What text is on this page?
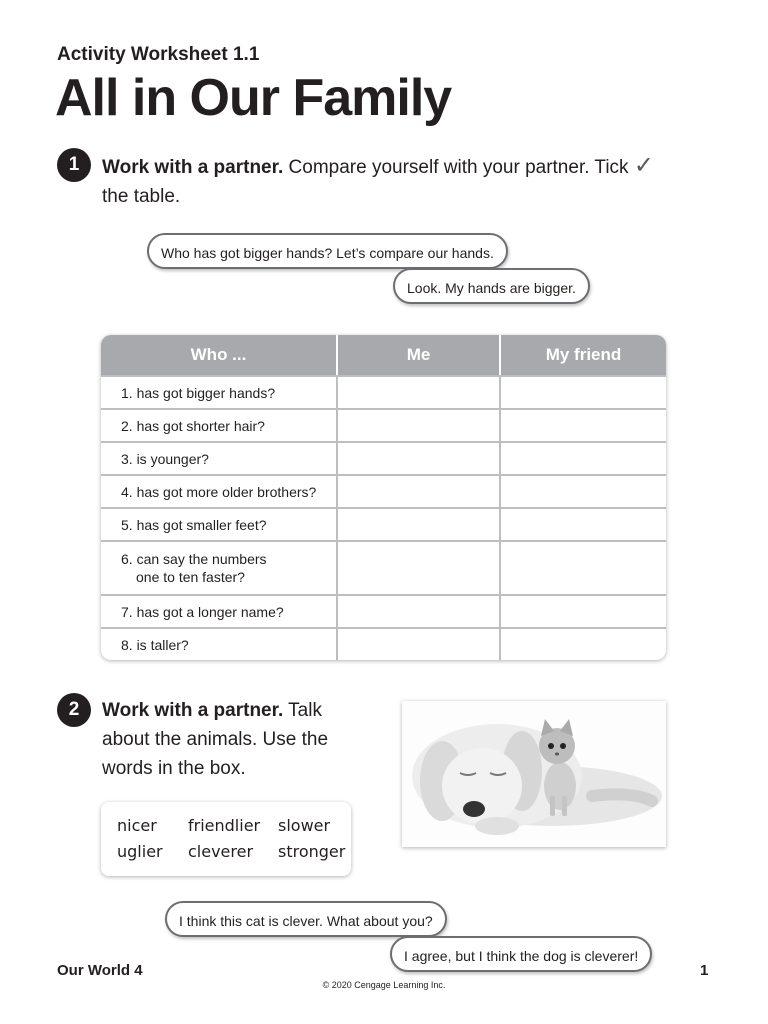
Activity Worksheet 1.1
All in Our Family
1	Work with a partner. Compare yourself with your partner. Tick ✓
the table.
Who has got bigger hands? Let’s compare our hands.
Look. My hands are bigger.
Who ...	Me	My friend
1. has got bigger hands?		
2. has got shorter hair?		
3. is younger?		
4. has got more older brothers?		
5. has got smaller feet?		

6. can say the numbers
one to ten faster?		

7. has got a longer name?		
8. is taller?		
2	Work with a partner. Talk
about the animals. Use the
words in the box.
nicer friendlier slower
uglier cleverer stronger
I think this cat is clever. What about you?
I agree, but I think the dog is cleverer!
Our World 4	1
© 2020 Cengage Learning Inc.
